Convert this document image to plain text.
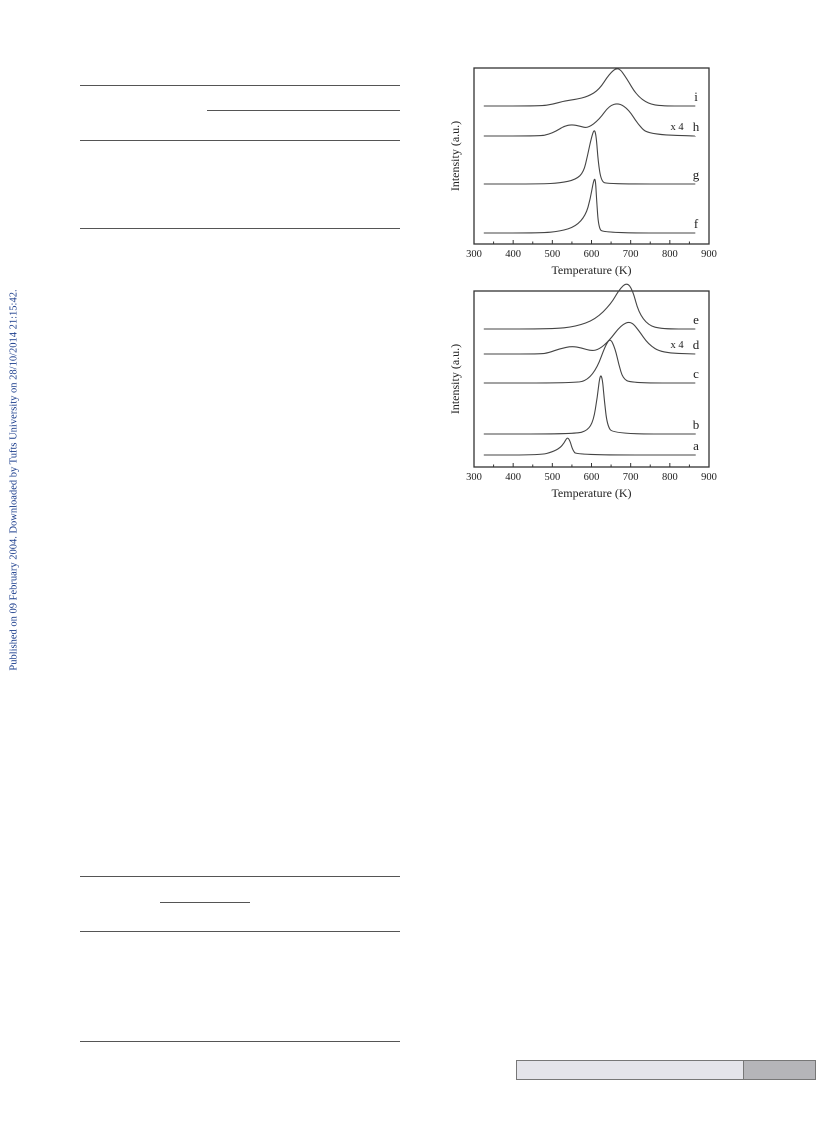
Published on 09 February 2004. Downloaded by Tufts University on 28/10/2014 21:15:42.
300 400 500 600 700 800 900
i
h
x 4
g
f
Temperature (K)
Intensity (a.u.)
300 400 500 600 700 800 900
e
d
x 4
c
b
a
Temperature (K)
Intensity (a.u.)
